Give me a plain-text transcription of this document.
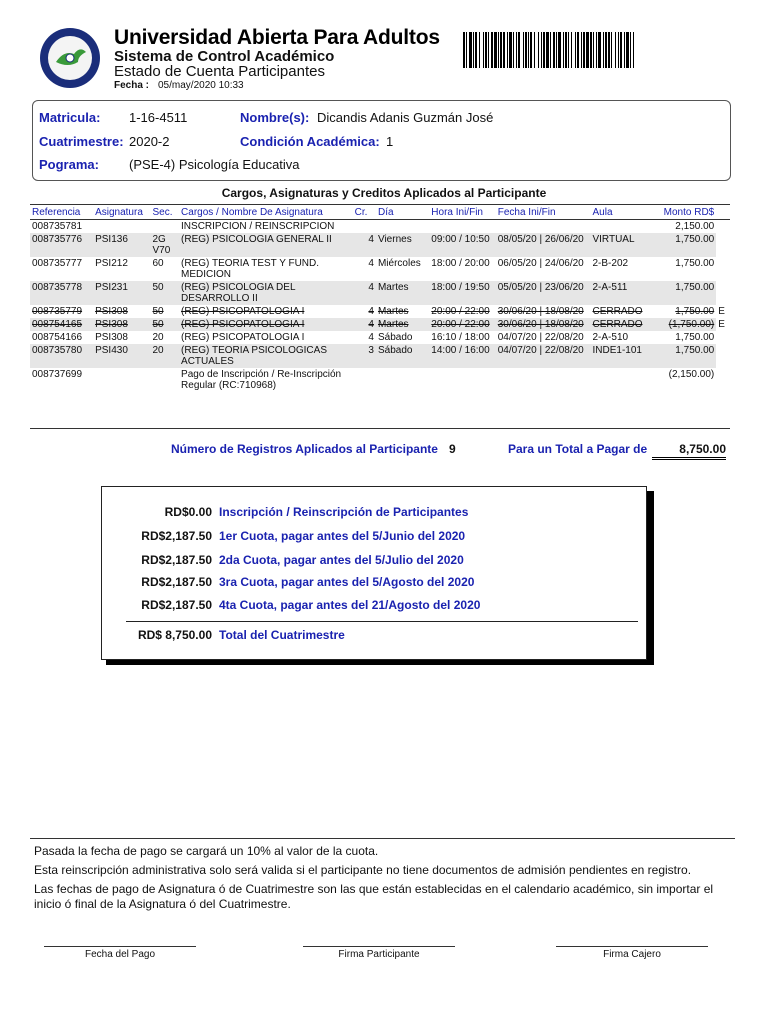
Universidad Abierta Para Adultos
Sistema de Control Académico
Estado de Cuenta Participantes
Fecha : 05/may/2020 10:33
Matricula: 1-16-4511	Nombre(s): Dicandis Adanis Guzmán José
Cuatrimestre: 2020-2	Condición Académica: 1
Pograma: (PSE-4) Psicología Educativa
Cargos, Asignaturas y Creditos Aplicados al Participante
Referencia	Asignatura	Sec.	Cargos / Nombre De Asignatura	Cr.	Día	Hora Ini/Fin	Fecha Ini/Fin	Aula	Monto RD$	
008735781			INSCRIPCION / REINSCRIPCION						2,150.00	
008735776	PSI136	2G V70	(REG) PSICOLOGIA GENERAL II	4	Viernes	09:00 / 10:50	08/05/20 | 26/06/20	VIRTUAL	1,750.00	
008735777	PSI212	60	(REG) TEORIA TEST Y FUND. MEDICION	4	Miércoles	18:00 / 20:00	06/05/20 | 24/06/20	2-B-202	1,750.00	
008735778	PSI231	50	(REG) PSICOLOGIA DEL DESARROLLO II	4	Martes	18:00 / 19:50	05/05/20 | 23/06/20	2-A-511	1,750.00	
008735779	PSI308	50	(REG) PSICOPATOLOGIA I	4	Martes	20:00 / 22:00	30/06/20 | 18/08/20	CERRADO	1,750.00	E
008754165	PSI308	50	(REG) PSICOPATOLOGIA I	4	Martes	20:00 / 22:00	30/06/20 | 18/08/20	CERRADO	(1,750.00)	E
008754166	PSI308	20	(REG) PSICOPATOLOGIA I	4	Sábado	16:10 / 18:00	04/07/20 | 22/08/20	2-A-510	1,750.00	
008735780	PSI430	20	(REG) TEORIA PSICOLOGICAS ACTUALES	3	Sábado	14:00 / 16:00	04/07/20 | 22/08/20	INDE1-101	1,750.00	
008737699			Pago de Inscripción / Re-Inscripción Regular (RC:710968)						(2,150.00)	
Número de Registros Aplicados al Participante 9	Para un Total a Pagar de	8,750.00
RD$0.00 Inscripción / Reinscripción de Participantes
RD$2,187.50 1er Cuota, pagar antes del 5/Junio del 2020
RD$2,187.50 2da Cuota, pagar antes del 5/Julio del 2020
RD$2,187.50 3ra Cuota, pagar antes del 5/Agosto del 2020
RD$2,187.50 4ta Cuota, pagar antes del 21/Agosto del 2020
RD$ 8,750.00 Total del Cuatrimestre
Pasada la fecha de pago se cargará un 10% al valor de la cuota.
Esta reinscripción administrativa solo será valida si el participante no tiene documentos de admisión pendientes en registro.
Las fechas de pago de Asignatura ó de Cuatrimestre son las que están establecidas en el calendario académico, sin importar el inicio ó final de la Asignatura ó del Cuatrimestre.
Fecha del Pago	Firma Participante	Firma Cajero
